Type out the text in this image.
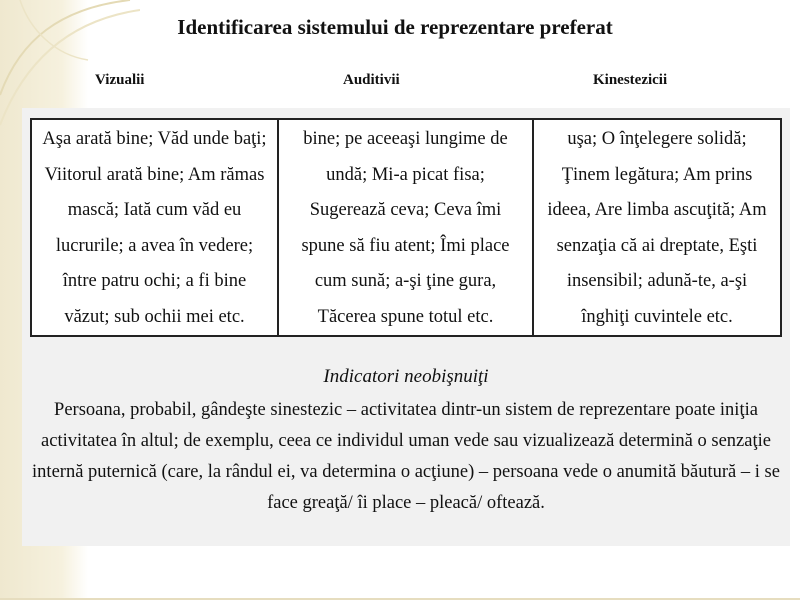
Identificarea sistemului de reprezentare preferat
Vizualii	Auditivii	Kinestezicii
Aşa arată bine; Văd unde baţi; Viitorul arată bine; Am rămas mască; Iată cum văd eu lucrurile; a avea în vedere; între patru ochi; a fi bine văzut; sub ochii mei etc.	bine; pe aceeaşi lungime de undă; Mi-a picat fisa; Sugerează ceva; Ceva îmi spune să fiu atent; Îmi place cum sună; a-şi ţine gura, Tăcerea spune totul etc.	uşa; O înţelegere solidă; Ţinem legătura; Am prins ideea, Are limba ascuţită; Am senzaţia că ai dreptate, Eşti insensibil; adună-te, a-şi înghiţi cuvintele etc.
Indicatori neobişnuiţi
Persoana, probabil, gândeşte sinestezic – activitatea dintr-un sistem de reprezentare poate iniţia activitatea în altul; de exemplu, ceea ce individul uman vede sau vizualizează determină o senzaţie internă puternică (care, la rândul ei, va determina o acţiune) – persoana vede o anumită băutură – i se face greaţă/ îi place – pleacă/ oftează.
